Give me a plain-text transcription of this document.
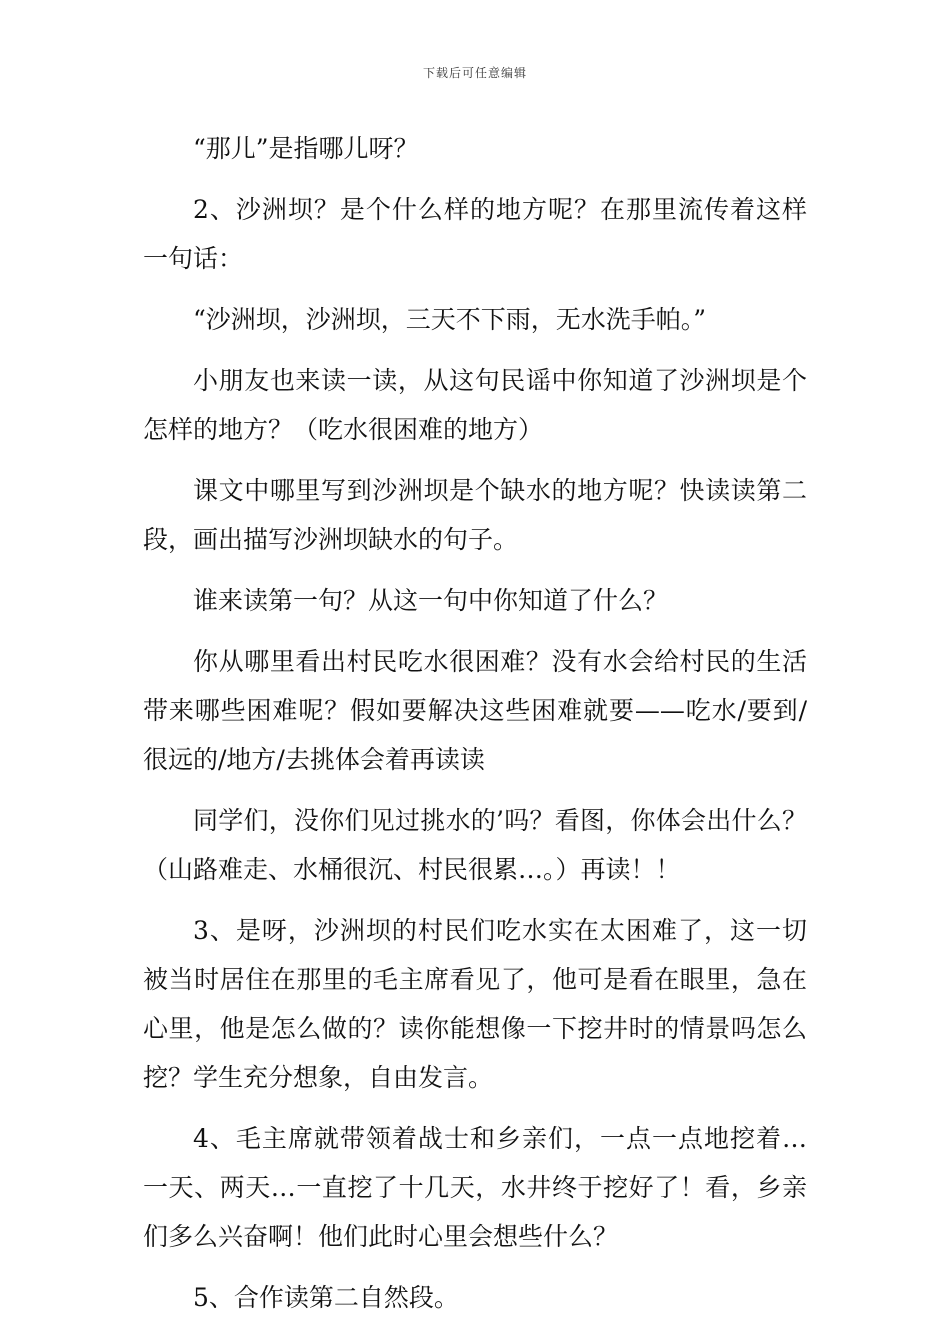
下载后可任意编辑

“那儿”是指哪儿呀？

2、沙洲坝？是个什么样的地方呢？在那里流传着这样一句话：

“沙洲坝，沙洲坝，三天不下雨，无水洗手帕。”

小朋友也来读一读，从这句民谣中你知道了沙洲坝是个怎样的地方？（吃水很困难的地方）

课文中哪里写到沙洲坝是个缺水的地方呢？快读读第二段，画出描写沙洲坝缺水的句子。

谁来读第一句？从这一句中你知道了什么？

你从哪里看出村民吃水很困难？没有水会给村民的生活带来哪些困难呢？假如要解决这些困难就要——吃水/要到/很远的/地方/去挑体会着再读读

同学们，没你们见过挑水的’吗？看图，你体会出什么？（山路难走、水桶很沉、村民很累…。）再读！！

3、是呀，沙洲坝的村民们吃水实在太困难了，这一切被当时居住在那里的毛主席看见了，他可是看在眼里，急在心里，他是怎么做的？读你能想像一下挖井时的情景吗怎么挖？学生充分想象，自由发言。

4、毛主席就带领着战士和乡亲们，一点一点地挖着…一天、两天…一直挖了十几天，水井终于挖好了！看，乡亲们多么兴奋啊！他们此时心里会想些什么？

5、合作读第二自然段。
